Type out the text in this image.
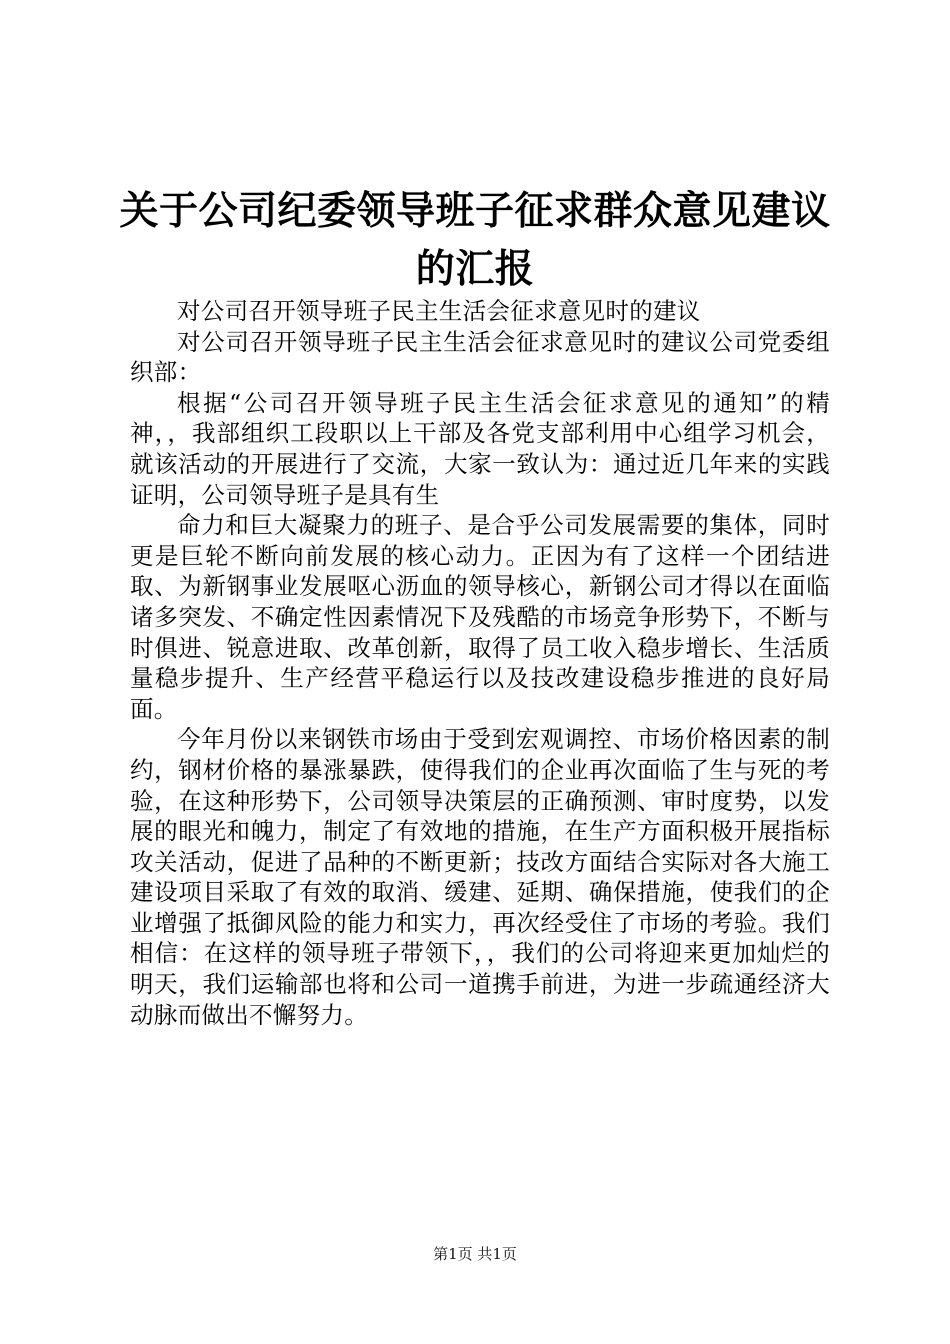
关于公司纪委领导班子征求群众意见建议的汇报

对公司召开领导班子民主生活会征求意见时的建议

对公司召开领导班子民主生活会征求意见时的建议公司党委组织部：

根据“公司召开领导班子民主生活会征求意见的通知”的精神，，我部组织工段职以上干部及各党支部利用中心组学习机会，就该活动的开展进行了交流，大家一致认为：通过近几年来的实践证明，公司领导班子是具有生

命力和巨大凝聚力的班子、是合乎公司发展需要的集体，同时更是巨轮不断向前发展的核心动力。正因为有了这样一个团结进取、为新钢事业发展呕心沥血的领导核心，新钢公司才得以在面临诸多突发、不确定性因素情况下及残酷的市场竞争形势下，不断与时俱进、锐意进取、改革创新，取得了员工收入稳步增长、生活质量稳步提升、生产经营平稳运行以及技改建设稳步推进的良好局面。

今年月份以来钢铁市场由于受到宏观调控、市场价格因素的制约，钢材价格的暴涨暴跌，使得我们的企业再次面临了生与死的考验，在这种形势下，公司领导决策层的正确预测、审时度势，以发展的眼光和魄力，制定了有效地的措施，在生产方面积极开展指标攻关活动，促进了品种的不断更新；技改方面结合实际对各大施工建设项目采取了有效的取消、缓建、延期、确保措施，使我们的企业增强了抵御风险的能力和实力，再次经受住了市场的考验。我们相信：在这样的领导班子带领下，，我们的公司将迎来更加灿烂的明天，我们运输部也将和公司一道携手前进，为进一步疏通经济大动脉而做出不懈努力。

第1页 共1页
